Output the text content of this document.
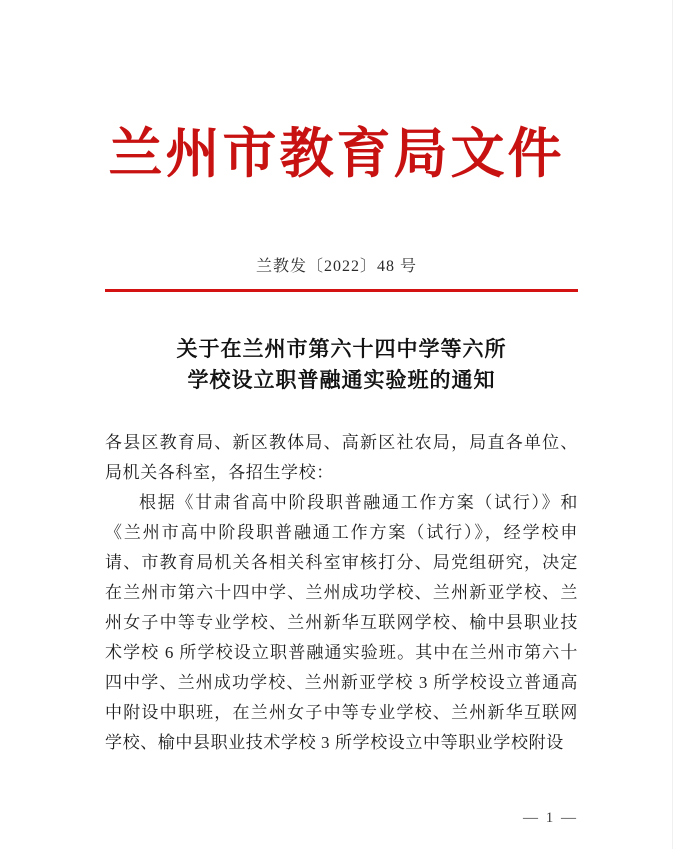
兰州市教育局文件
兰教发〔2022〕48 号
关于在兰州市第六十四中学等六所
学校设立职普融通实验班的通知

各县区教育局、新区教体局、高新区社农局，局直各单位、局机关各科室，各招生学校：

根据《甘肃省高中阶段职普融通工作方案（试行）》和《兰州市高中阶段职普融通工作方案（试行）》，经学校申请、市教育局机关各相关科室审核打分、局党组研究，决定在兰州市第六十四中学、兰州成功学校、兰州新亚学校、兰州女子中等专业学校、兰州新华互联网学校、榆中县职业技术学校 6 所学校设立职普融通实验班。其中在兰州市第六十四中学、兰州成功学校、兰州新亚学校 3 所学校设立普通高中附设中职班，在兰州女子中等专业学校、兰州新华互联网学校、榆中县职业技术学校 3 所学校设立中等职业学校附设

— 1 —
